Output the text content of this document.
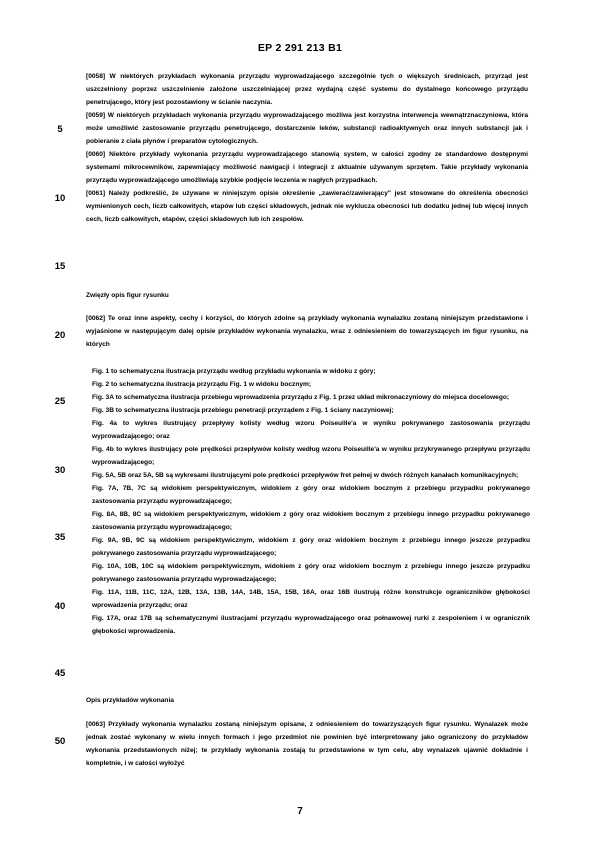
EP 2 291 213 B1
5
10
15
20
25
30
35
40
45
50

[0058] W niektórych przykładach wykonania przyrządu wyprowadzającego szczególnie tych o większych średnicach, przyrząd jest uszczelniony poprzez uszczelnienie założone uszczelniającej przez wydajną część systemu do dystalnego końcowego przyrządu penetrującego, który jest pozostawiony w ścianie naczynia.

[0059] W niektórych przykładach wykonania przyrządu wyprowadzającego możliwa jest korzystna interwencja wewnątrznaczyniowa, która może umożliwić zastosowanie przyrządu penetrującego, dostarczenie leków, substancji radioaktywnych oraz innych substancji jak i pobieranie z ciała płynów i preparatów cytologicznych.

[0060] Niektóre przykłady wykonania przyrządu wyprowadzającego stanowią system, w całości zgodny ze standardowo dostępnymi systemami mikrocewników, zapewniający możliwość nawigacji i integracji z aktualnie używanym sprzętem. Takie przykłady wykonania przyrządu wyprowadzającego umożliwiają szybkie podjęcie leczenia w nagłych przypadkach.

[0061] Należy podkreślić, że używane w niniejszym opisie określenie „zawierać/zawierający" jest stosowane do określenia obecności wymienionych cech, liczb całkowitych, etapów lub części składowych, jednak nie wyklucza obecności lub dodatku jednej lub więcej innych cech, liczb całkowitych, etapów, części składowych lub ich zespołów.

Zwięzły opis figur rysunku
[0062] Te oraz inne aspekty, cechy i korzyści, do których zdolne są przykłady wykonania wynalazku zostaną niniejszym przedstawione i wyjaśnione w następującym dalej opisie przykładów wykonania wynalazku, wraz z odniesieniem do towarzyszących im figur rysunku, na których

Fig. 1 to schematyczna ilustracja przyrządu według przykładu wykonania w widoku z góry;

Fig. 2 to schematyczna ilustracja przyrządu Fig. 1 w widoku bocznym;

Fig. 3A to schematyczna ilustracja przebiegu wprowadzenia przyrządu z Fig. 1 przez układ mikronaczyniowy do miejsca docelowego;

Fig. 3B to schematyczna ilustracja przebiegu penetracji przyrządem z Fig. 1 ściany naczyniowej;

Fig. 4a to wykres ilustrujący przepływy kolisty według wzoru Poiseuille'a w wyniku pokrywanego zastosowania przyrządu wyprowadzającego; oraz

Fig. 4b to wykres ilustrujący pole prędkości przepływów kolisty według wzoru Poiseuille'a w wyniku przykrywanego przepływu przyrządu wyprowadzającego;

Fig. 5A, 5B oraz 5A, 5B są wykresami ilustrującymi pole prędkości przepływów fret pełnej w dwóch różnych kanałach komunikacyjnych;

Fig. 7A, 7B, 7C są widokiem perspektywicznym, widokiem z góry oraz widokiem bocznym z przebiegu przypadku pokrywanego zastosowania przyrządu wyprowadzającego;

Fig. 8A, 8B, 8C są widokiem perspektywicznym, widokiem z góry oraz widokiem bocznym z przebiegu innego przypadku pokrywanego zastosowania przyrządu wyprowadzającego;

Fig. 9A, 9B, 9C są widokiem perspektywicznym, widokiem z góry oraz widokiem bocznym z przebiegu innego jeszcze przypadku pokrywanego zastosowania przyrządu wyprowadzającego;

Fig. 10A, 10B, 10C są widokiem perspektywicznym, widokiem z góry oraz widokiem bocznym z przebiegu innego jeszcze przypadku pokrywanego zastosowania przyrządu wyprowadzającego;

Fig. 11A, 11B, 11C, 12A, 12B, 13A, 13B, 14A, 14B, 15A, 15B, 16A, oraz 16B ilustrują różne konstrukcje ograniczników głębokości wprowadzenia przyrządu; oraz

Fig. 17A, oraz 17B są schematycznymi ilustracjami przyrządu wyprowadzającego oraz połnawowej rurki z zespoleniem i w ogranicznik głębokości wprowadzenia.

Opis przykładów wykonania
[0063] Przykłady wykonania wynalazku zostaną niniejszym opisane, z odniesieniem do towarzyszących figur rysunku. Wynalazek może jednak zostać wykonany w wielu innych formach i jego przedmiot nie powinien być interpretowany jako ograniczony do przykładów wykonania przedstawionych niżej; te przykłady wykonania zostają tu przedstawione w tym celu, aby wynalazek ujawnić dokładnie i kompletnie, i w całości wyłożyć
7
